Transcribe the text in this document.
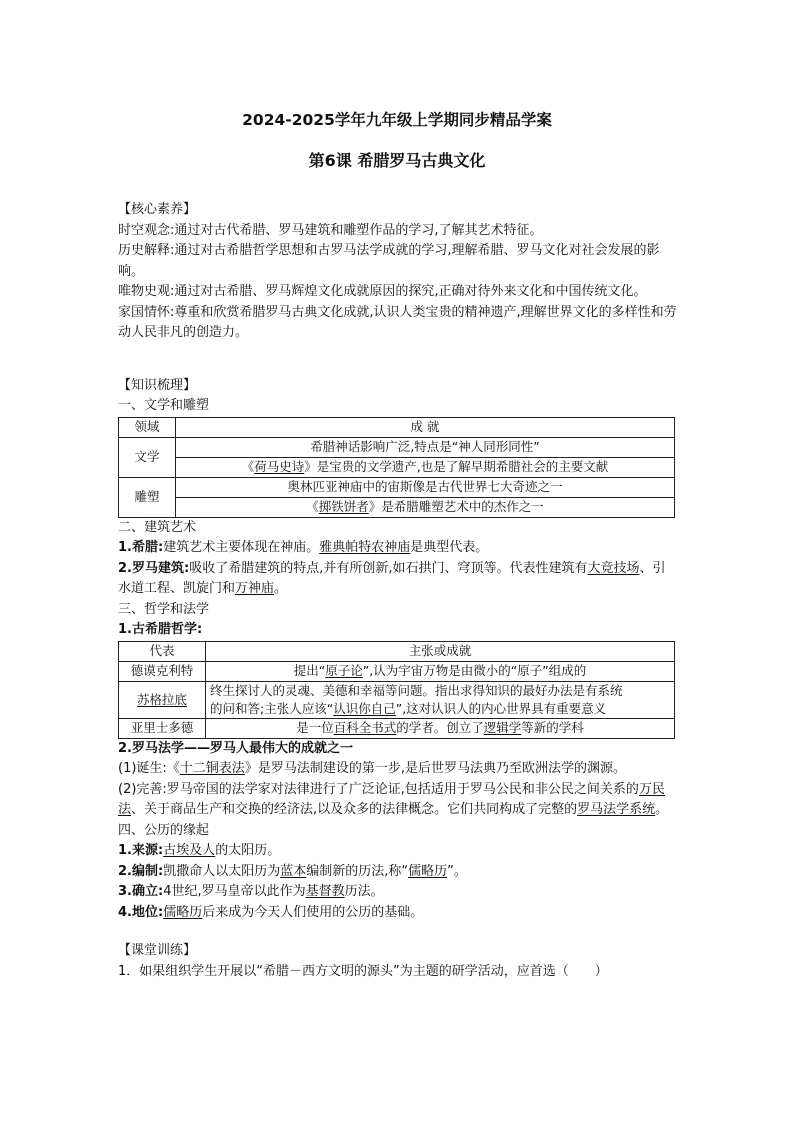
2024-2025学年九年级上学期同步精品学案
第6课 希腊罗马古典文化

【核心素养】

时空观念:通过对古代希腊、罗马建筑和雕塑作品的学习,了解其艺术特征。

历史解释:通过对古希腊哲学思想和古罗马法学成就的学习,理解希腊、罗马文化对社会发展的影响。

唯物史观:通过对古希腊、罗马辉煌文化成就原因的探究,正确对待外来文化和中国传统文化。

家国情怀:尊重和欣赏希腊罗马古典文化成就,认识人类宝贵的精神遗产,理解世界文化的多样性和劳动人民非凡的创造力。

【知识梳理】

一、文学和雕塑

领域	成 就
文学	希腊神话影响广泛,特点是“神人同形同性”
	《荷马史诗》是宝贵的文学遗产,也是了解早期希腊社会的主要文献
雕塑	奥林匹亚神庙中的宙斯像是古代世界七大奇迹之一
	《掷铁饼者》是希腊雕塑艺术中的杰作之一

二、建筑艺术

1.希腊:建筑艺术主要体现在神庙。雅典帕特农神庙是典型代表。

2.罗马建筑:吸收了希腊建筑的特点,并有所创新,如石拱门、穹顶等。代表性建筑有大竞技场、引水道工程、凯旋门和万神庙。

三、哲学和法学

1.古希腊哲学:

代表	主张或成就
德谟克利特	提出“原子论”,认为宇宙万物是由微小的“原子”组成的
苏格拉底	终生探讨人的灵魂、美德和幸福等问题。指出求得知识的最好办法是有系统
的问和答;主张人应该“认识你自己”,这对认识人的内心世界具有重要意义
亚里士多德	是一位百科全书式的学者。创立了逻辑学等新的学科

2.罗马法学——罗马人最伟大的成就之一

(1)诞生:《十二铜表法》是罗马法制建设的第一步,是后世罗马法典乃至欧洲法学的渊源。

(2)完善:罗马帝国的法学家对法律进行了广泛论证,包括适用于罗马公民和非公民之间关系的万民法、关于商品生产和交换的经济法,以及众多的法律概念。它们共同构成了完整的罗马法学系统。

四、公历的缘起

1.来源:古埃及人的太阳历。

2.编制:凯撒命人以太阳历为蓝本编制新的历法,称“儒略历”。

3.确立:4世纪,罗马皇帝以此作为基督教历法。

4.地位:儒略历后来成为今天人们使用的公历的基础。

【课堂训练】

1．如果组织学生开展以“希腊－西方文明的源头”为主题的研学活动，应首选（　　）
